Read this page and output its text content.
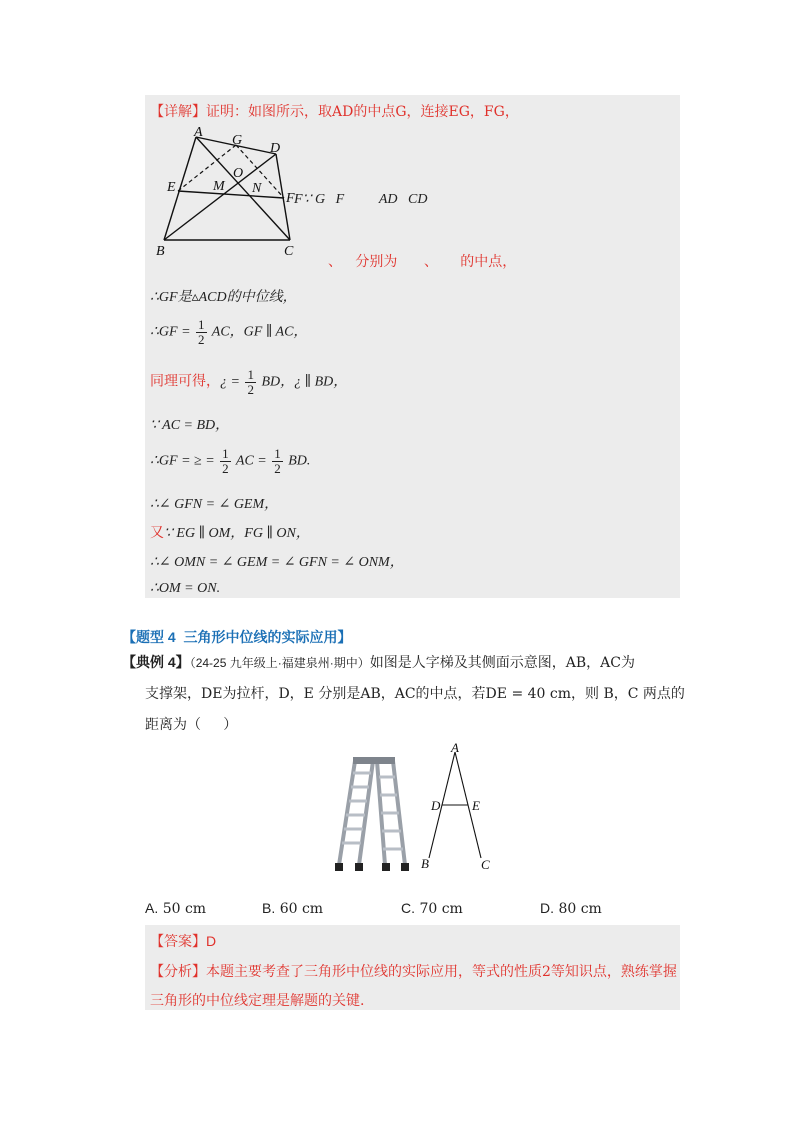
【详解】证明：如图所示，取AD的中点G，连接EG，FG，
A
G
D
O
M N
E
F
B	C
F∵ G   F          AD   CD
、   分别为      、     的中点，
∴GF是▵ACD的中位线，
∴GF = $\frac{1}{2}$ AC，GF ∥ AC，
同理可得，¿ = $\frac{1}{2}$ BD，¿ ∥ BD，
∵ AC = BD，
∴GF = ≥ = $\frac{1}{2}$ AC = $\frac{1}{2}$ BD.
∴∠ GFN = ∠ GEM，
又∵ EG ∥ OM，FG ∥ ON，
∴∠ OMN = ∠ GEM = ∠ GFN = ∠ ONM，
∴OM = ON.
【题型 4  三角形中位线的实际应用】
【典例 4】（24-25 九年级上·福建泉州·期中）如图是人字梯及其侧面示意图，AB，AC为
支撑架，DE为拉杆，D，E 分别是AB，AC的中点，若DE = 40 cm，则 B，C 两点的
距离为（     ）
A
D E
B	C
A. 50 cm	B. 60 cm	C. 70 cm	D. 80 cm
【答案】D
【分析】本题主要考查了三角形中位线的实际应用，等式的性质2等知识点，熟练掌握
三角形的中位线定理是解题的关键.
